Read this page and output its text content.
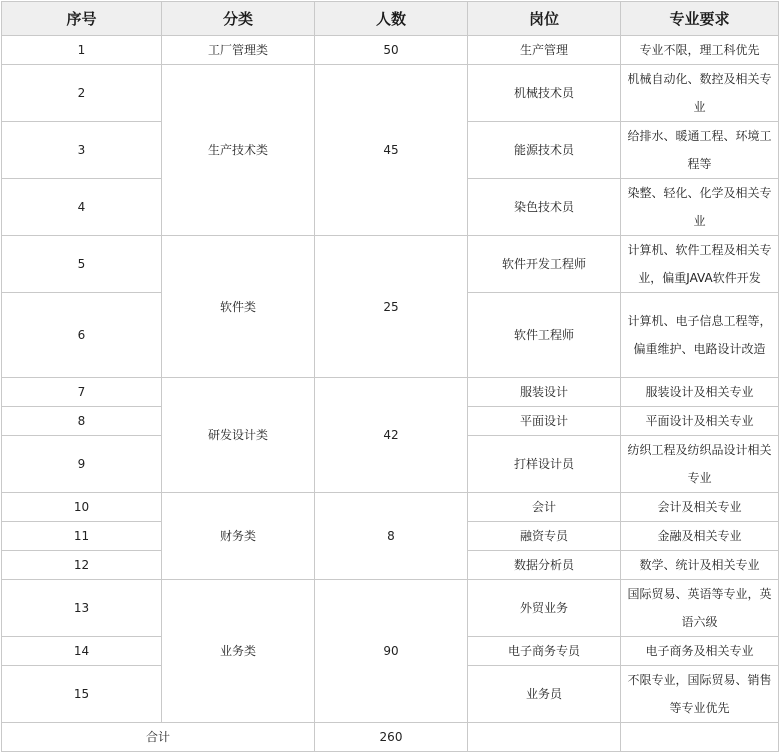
序号	分类	人数	岗位	专业要求
1	工厂管理类	50	生产管理	专业不限，理工科优先
2	生产技术类	45	机械技术员	机械自动化、数控及相关专业
3			能源技术员	给排水、暖通工程、环境工程等
4			染色技术员	染整、轻化、化学及相关专业
5	软件类	25	软件开发工程师	计算机、软件工程及相关专业，偏重JAVA软件开发
6			软件工程师	计算机、电子信息工程等，偏重维护、电路设计改造
7	研发设计类	42	服装设计	服装设计及相关专业
8			平面设计	平面设计及相关专业
9			打样设计员	纺织工程及纺织品设计相关专业
10	财务类	8	会计	会计及相关专业
11			融资专员	金融及相关专业
12			数据分析员	数学、统计及相关专业
13	业务类	90	外贸业务	国际贸易、英语等专业，英语六级
14			电子商务专员	电子商务及相关专业
15			业务员	不限专业，国际贸易、销售等专业优先
合计		260		
